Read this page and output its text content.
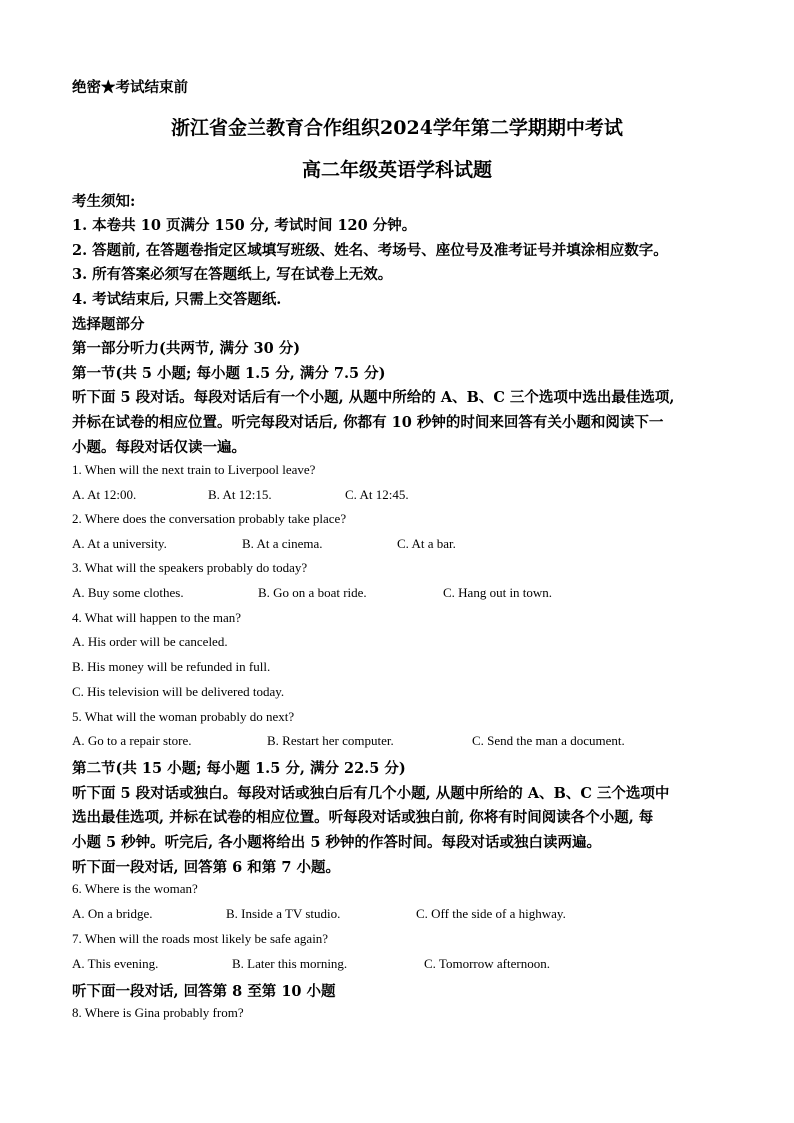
绝密★考试结束前
浙江省金兰教育合作组织2024学年第二学期期中考试
高二年级英语学科试题
考生须知:
1. 本卷共 10 页满分 150 分, 考试时间 120 分钟。
2. 答题前, 在答题卷指定区域填写班级、姓名、考场号、座位号及准考证号并填涂相应数字。
3. 所有答案必须写在答题纸上, 写在试卷上无效。
4. 考试结束后, 只需上交答题纸.
选择题部分
第一部分听力(共两节, 满分 30 分)
第一节(共 5 小题; 每小题 1.5 分, 满分 7.5 分)
听下面 5 段对话。每段对话后有一个小题, 从题中所给的 A、B、C 三个选项中选出最佳选项,
并标在试卷的相应位置。听完每段对话后, 你都有 10 秒钟的时间来回答有关小题和阅读下一
小题。每段对话仅读一遍。
1. When will the next train to Liverpool leave?
A. At 12:00.	B. At 12:15.	C. At 12:45.
2. Where does the conversation probably take place?
A. At a university.	B. At a cinema.	C. At a bar.
3. What will the speakers probably do today?
A. Buy some clothes.	B. Go on a boat ride.	C. Hang out in town.
4. What will happen to the man?
A. His order will be canceled.
B. His money will be refunded in full.
C. His television will be delivered today.
5. What will the woman probably do next?
A. Go to a repair store.	B. Restart her computer.	C. Send the man a document.
第二节(共 15 小题; 每小题 1.5 分, 满分 22.5 分)
听下面 5 段对话或独白。每段对话或独白后有几个小题, 从题中所给的 A、B、C 三个选项中
选出最佳选项, 并标在试卷的相应位置。听每段对话或独白前, 你将有时间阅读各个小题, 每
小题 5 秒钟。听完后, 各小题将给出 5 秒钟的作答时间。每段对话或独白读两遍。
听下面一段对话, 回答第 6 和第 7 小题。
6. Where is the woman?
A. On a bridge.	B. Inside a TV studio.	C. Off the side of a highway.
7. When will the roads most likely be safe again?
A. This evening.	B. Later this morning.	C. Tomorrow afternoon.
听下面一段对话, 回答第 8 至第 10 小题
8. Where is Gina probably from?
